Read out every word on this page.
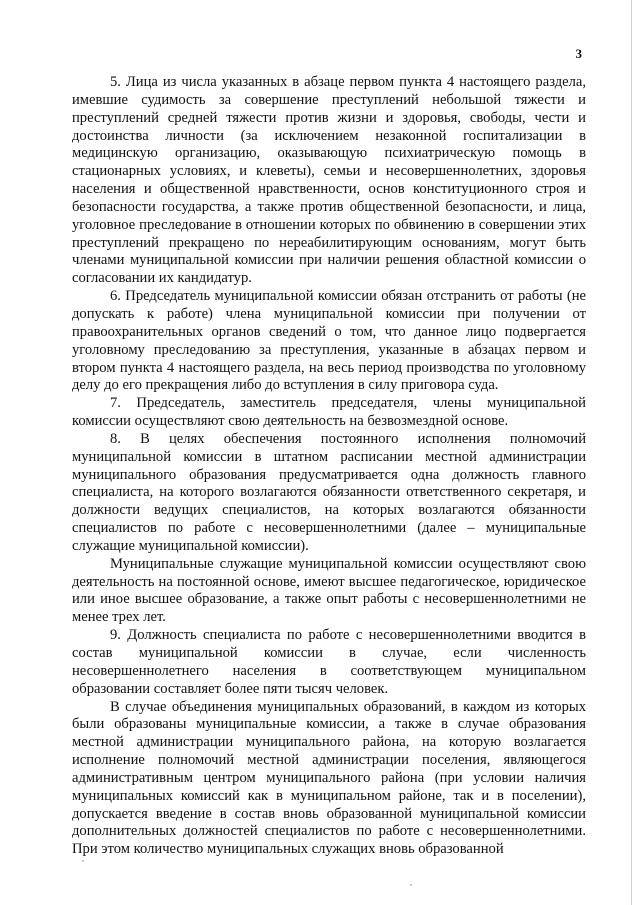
3

5. Лица из числа указанных в абзаце первом пункта 4 настоящего раздела, имевшие судимость за совершение преступлений небольшой тяжести и преступлений средней тяжести против жизни и здоровья, свободы, чести и достоинства личности (за исключением незаконной госпитализации в медицинскую организацию, оказывающую психиатрическую помощь в стационарных условиях, и клеветы), семьи и несовершеннолетних, здоровья населения и общественной нравственности, основ конституционного строя и безопасности государства, а также против общественной безопасности, и лица, уголовное преследование в отношении которых по обвинению в совершении этих преступлений прекращено по нереабилитирующим основаниям, могут быть членами муниципальной комиссии при наличии решения областной комиссии о согласовании их кандидатур.

6. Председатель муниципальной комиссии обязан отстранить от работы (не допускать к работе) члена муниципальной комиссии при получении от правоохранительных органов сведений о том, что данное лицо подвергается уголовному преследованию за преступления, указанные в абзацах первом и втором пункта 4 настоящего раздела, на весь период производства по уголовному делу до его прекращения либо до вступления в силу приговора суда.

7. Председатель, заместитель председателя, члены муниципальной комиссии осуществляют свою деятельность на безвозмездной основе.

8. В целях обеспечения постоянного исполнения полномочий муниципальной комиссии в штатном расписании местной администрации муниципального образования предусматривается одна должность главного специалиста, на которого возлагаются обязанности ответственного секретаря, и должности ведущих специалистов, на которых возлагаются обязанности специалистов по работе с несовершеннолетними (далее – муниципальные служащие муниципальной комиссии).

Муниципальные служащие муниципальной комиссии осуществляют свою деятельность на постоянной основе, имеют высшее педагогическое, юридическое или иное высшее образование, а также опыт работы с несовершеннолетними не менее трех лет.

9. Должность специалиста по работе с несовершеннолетними вводится в состав муниципальной комиссии в случае, если численность несовершеннолетнего населения в соответствующем муниципальном образовании составляет более пяти тысяч человек.

В случае объединения муниципальных образований, в каждом из которых были образованы муниципальные комиссии, а также в случае образования местной администрации муниципального района, на которую возлагается исполнение полномочий местной администрации поселения, являющегося административным центром муниципального района (при условии наличия муниципальных комиссий как в муниципальном районе, так и в поселении), допускается введение в состав вновь образованной муниципальной комиссии дополнительных должностей специалистов по работе с несовершеннолетними. При этом количество муниципальных служащих вновь образованной
